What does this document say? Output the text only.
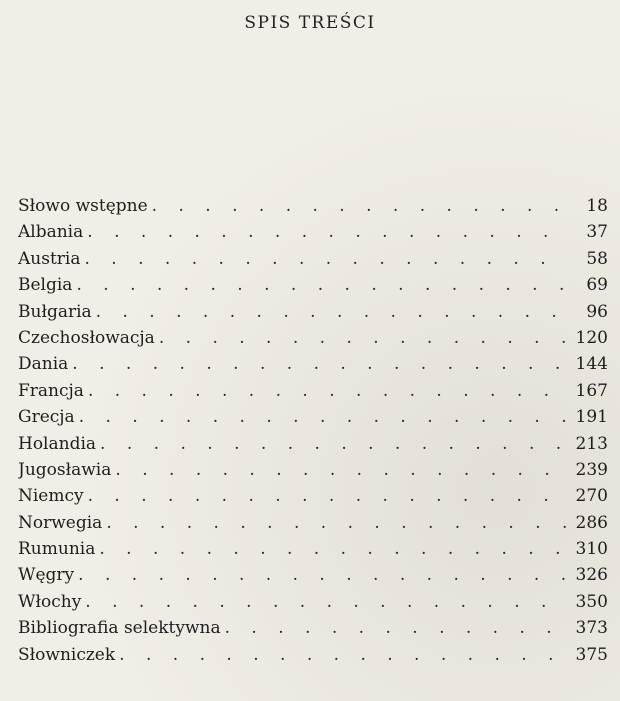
SPIS TREŚCI
Słowo wstępne . . .	18
Albania . . .	37
Austria . . .	58
Belgia . . .	69
Bułgaria . . .	96
Czechosłowacja . . .	120
Dania . . .	144
Francja . . .	167
Grecja . . .	191
Holandia . . .	213
Jugosławia . . .	239
Niemcy . . .	270
Norwegia . . .	286
Rumunia . . .	310
Węgry . . .	326
Włochy . . .	350
Bibliografia selektywna . . .	373
Słowniczek . . .	375
